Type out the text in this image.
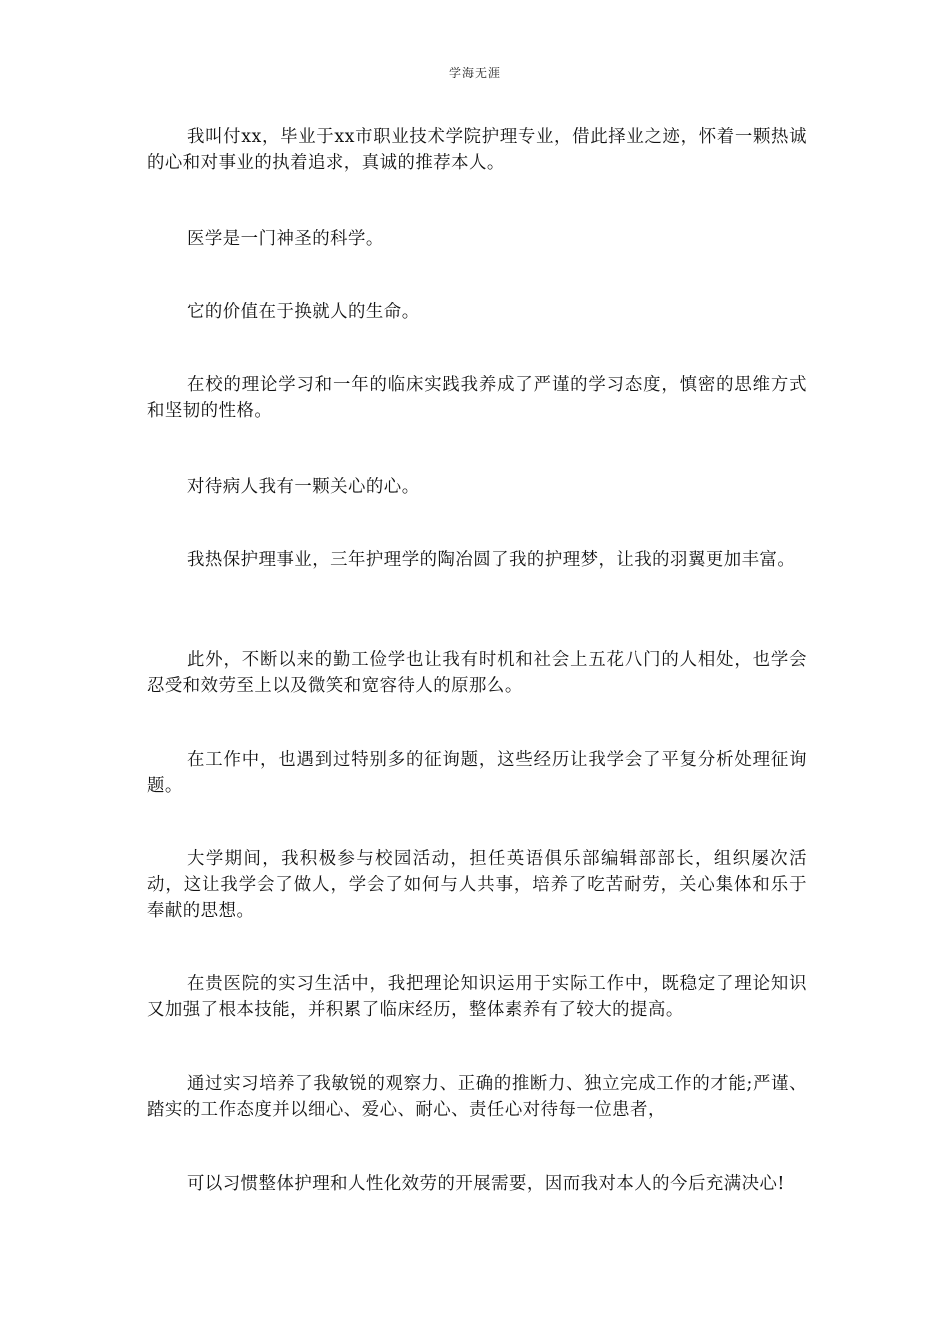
学海无涯

我叫付xx，毕业于xx市职业技术学院护理专业，借此择业之迹，怀着一颗热诚的心和对事业的执着追求，真诚的推荐本人。

医学是一门神圣的科学。

它的价值在于换就人的生命。

在校的理论学习和一年的临床实践我养成了严谨的学习态度，慎密的思维方式和坚韧的性格。

对待病人我有一颗关心的心。

我热保护理事业，三年护理学的陶冶圆了我的护理梦，让我的羽翼更加丰富。

此外，不断以来的勤工俭学也让我有时机和社会上五花八门的人相处，也学会忍受和效劳至上以及微笑和宽容待人的原那么。

在工作中，也遇到过特别多的征询题，这些经历让我学会了平复分析处理征询题。

大学期间，我积极参与校园活动，担任英语俱乐部编辑部部长，组织屡次活动，这让我学会了做人，学会了如何与人共事，培养了吃苦耐劳，关心集体和乐于奉献的思想。

在贵医院的实习生活中，我把理论知识运用于实际工作中，既稳定了理论知识又加强了根本技能，并积累了临床经历，整体素养有了较大的提高。

通过实习培养了我敏锐的观察力、正确的推断力、独立完成工作的才能;严谨、踏实的工作态度并以细心、爱心、耐心、责任心对待每一位患者，

可以习惯整体护理和人性化效劳的开展需要，因而我对本人的今后充满决心!
